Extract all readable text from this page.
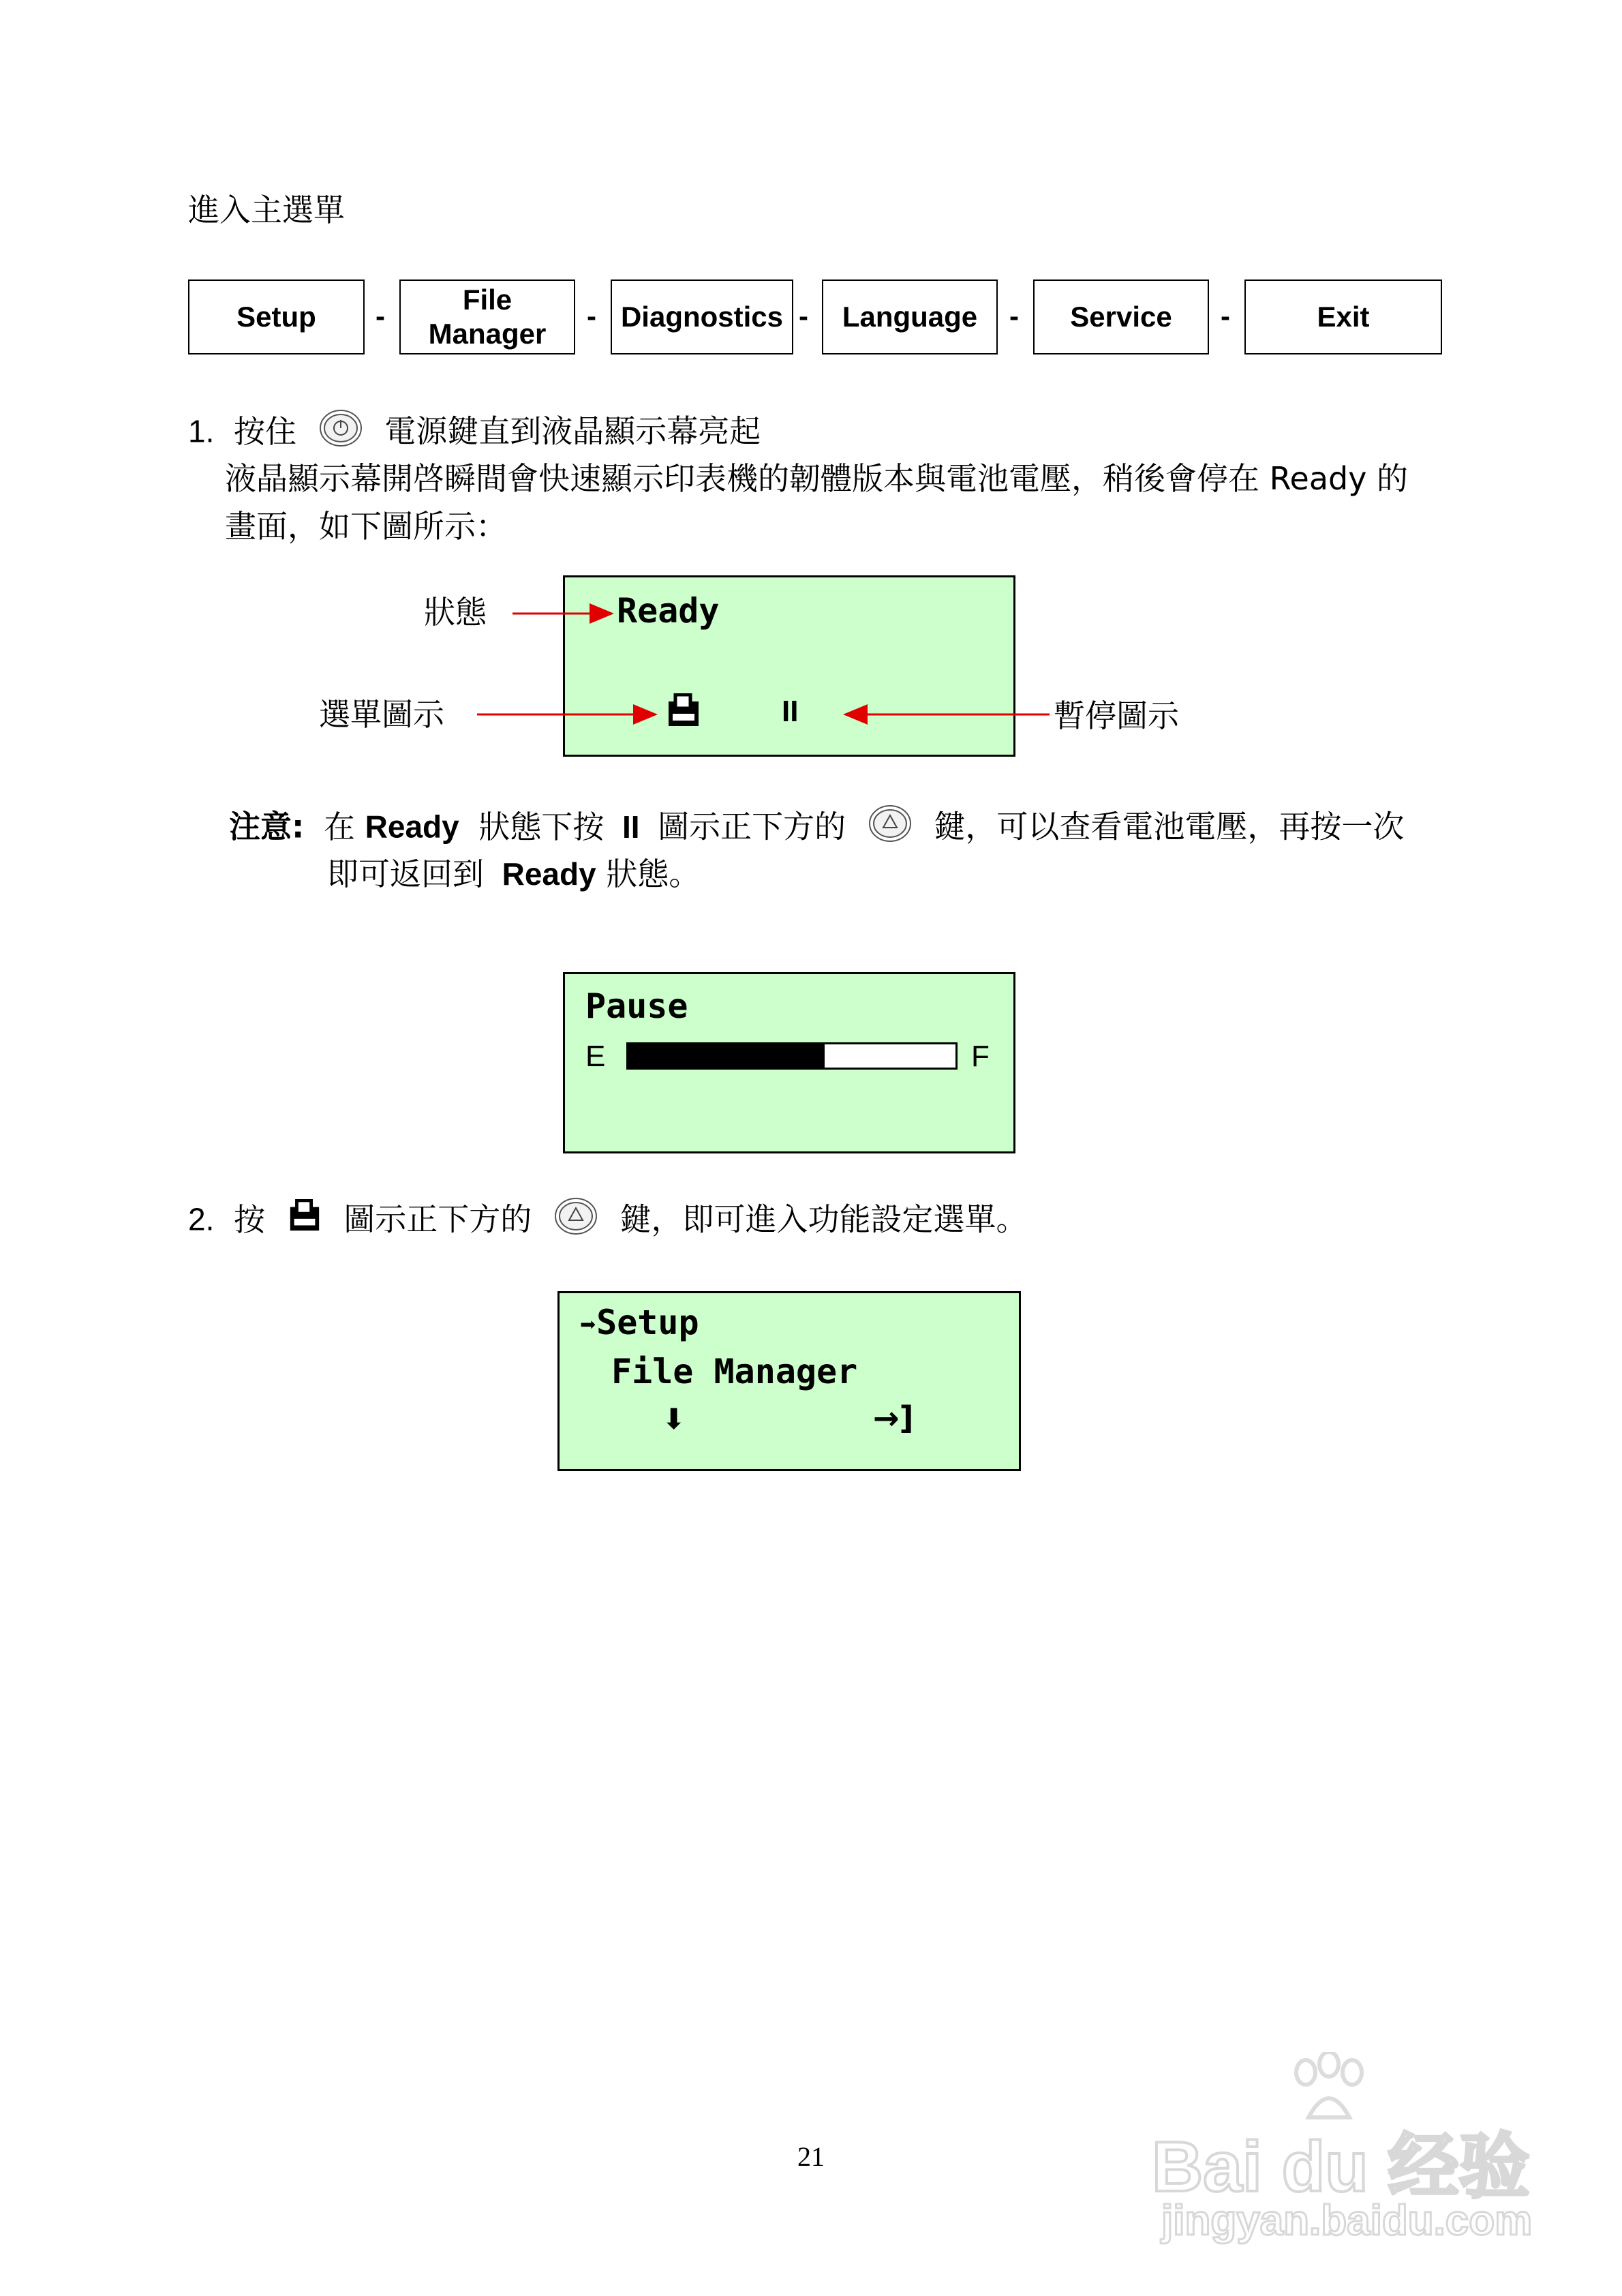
進入主選單
Setup -
File
Manager
- Diagnostics - Language - Service -	Exit
1. 按住	電源鍵直到液晶顯示幕亮起
液晶顯示幕開啓瞬間會快速顯示印表機的韌體版本與電池電壓，稍後會停在 Ready 的
畫面，如下圖所示：
Ready
II
狀態
選單圖示	暫停圖示
注意: 在 Ready 狀態下按 II 圖示正下方的	鍵，可以查看電池電壓，再按一次
即可返回到 Ready 狀態。
Pause
E	F
2. 按	圖示正下方的	鍵，即可進入功能設定選單。
➡Setup
File Manager
⬇	→]
21	Bai du 经验
jingyan.baidu.com
